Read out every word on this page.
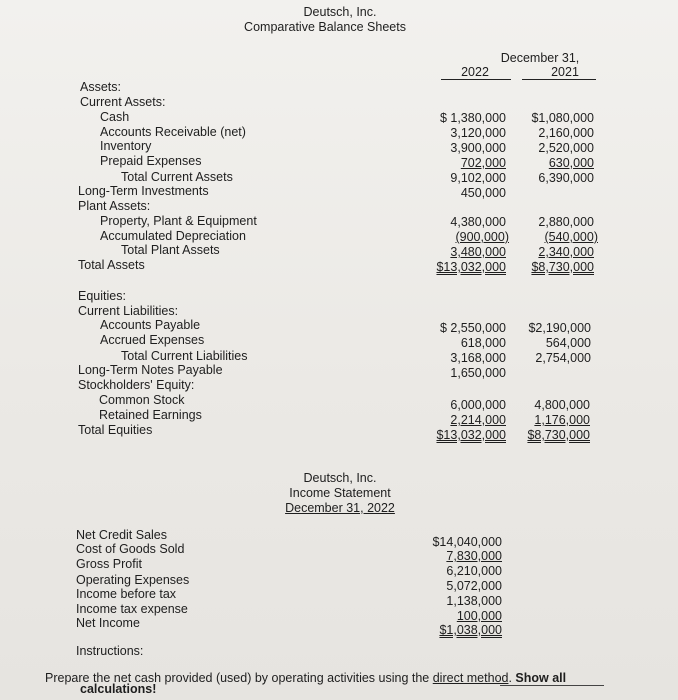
Deutsch, Inc.
Comparative Balance Sheets
December 31,
2022	2021
Assets:
Current Assets:
Cash
Accounts Receivable (net)
Inventory
Prepaid Expenses
Total Current Assets
Long-Term Investments
Plant Assets:
Property, Plant & Equipment
Accumulated Depreciation
Total Plant Assets
Total Assets
Equities:
Current Liabilities:
Accounts Payable
Accrued Expenses
Total Current Liabilities
Long-Term Notes Payable
Stockholders' Equity:
Common Stock
Retained Earnings
Total Equities
$ 1,380,000
3,120,000
3,900,000
702,000
9,102,000
450,000
4,380,000
(900,000)
3,480,000
$13,032,000
$ 2,550,000
618,000
3,168,000
1,650,000
6,000,000
2,214,000
$13,032,000
$1,080,000
2,160,000
2,520,000
630,000
6,390,000
2,880,000
(540,000)
2,340,000
$8,730,000
$2,190,000
564,000
2,754,000
4,800,000
1,176,000
$8,730,000
Deutsch, Inc.
Income Statement
December 31, 2022
Net Credit Sales
Cost of Goods Sold
Gross Profit
Operating Expenses
Income before tax
Income tax expense
Net Income
$14,040,000
7,830,000
6,210,000
5,072,000
1,138,000
100,000
$1,038,000
Instructions:
Prepare the net cash provided (used) by operating activities using the direct method. Show all
calculations!
